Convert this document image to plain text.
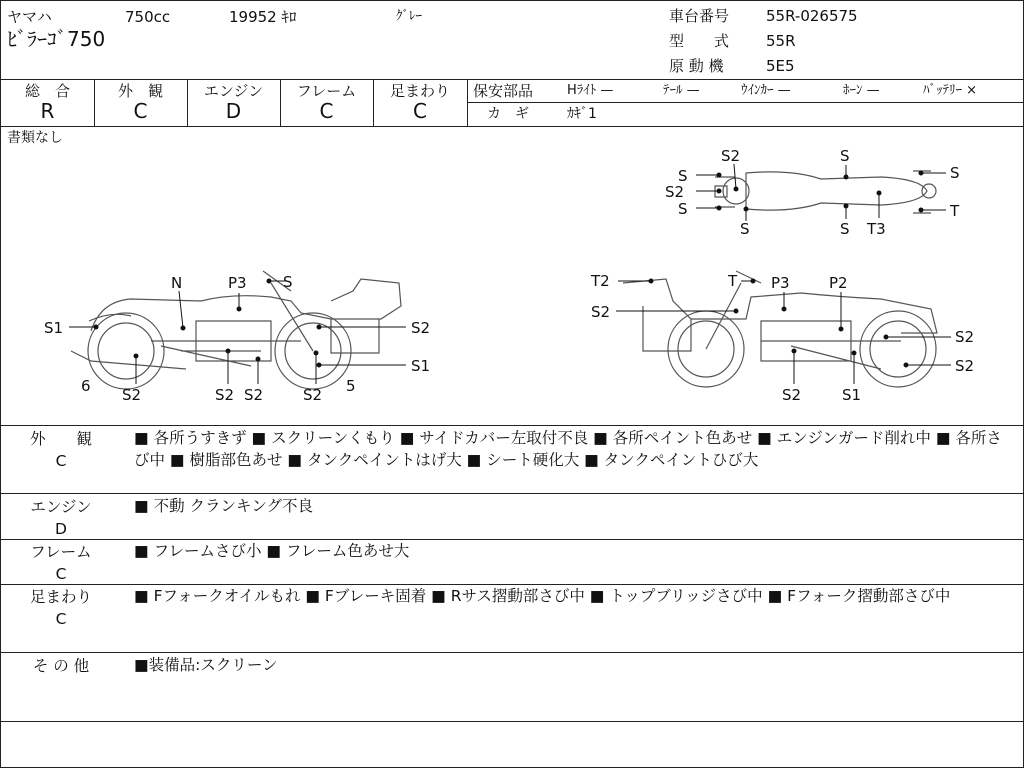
ヤマハ	750cc	19952 ｷﾛ	ｸﾞﾚｰ
ﾋﾞﾗｰｺﾞ750
車台番号 55R-026575
型　　式 55R
原 動 機	5E5
総　合
R
外　観
C
エンジン
D
フレーム
C
足まわり
C
保安部品	Hﾗｲﾄ —	ﾃｰﾙ —	ｳｲﾝｶｰ —	ﾎｰﾝ —	ﾊﾞｯﾃﾘｰ ×
カ　ギ	ｶｷﾞ1
書類なし
S2
S
S2
S
S
S
S
S
T
T3
N	P3 S
S1	S2
S1
6 S2	S2 S2	S2 5
T2	T P3	P2
S2
S2
S2
S2	S1
外　　観
C
■ 各所うすきず ■ スクリーンくもり ■ サイドカバー左取付不良 ■ 各所ペイント色あせ ■ エンジンガード削れ中 ■ 各所さび中 ■ 樹脂部色あせ ■ タンクペイントはげ大 ■ シート硬化大 ■ タンクペイントひび大
エンジン
D
■ 不動 クランキング不良
フレーム
C
■ フレームさび小 ■ フレーム色あせ大
足まわり
C
■ Fフォークオイルもれ ■ Fブレーキ固着 ■ Rサス摺動部さび中 ■ トップブリッジさび中 ■ Fフォーク摺動部さび中
そ の 他	■装備品:スクリーン
